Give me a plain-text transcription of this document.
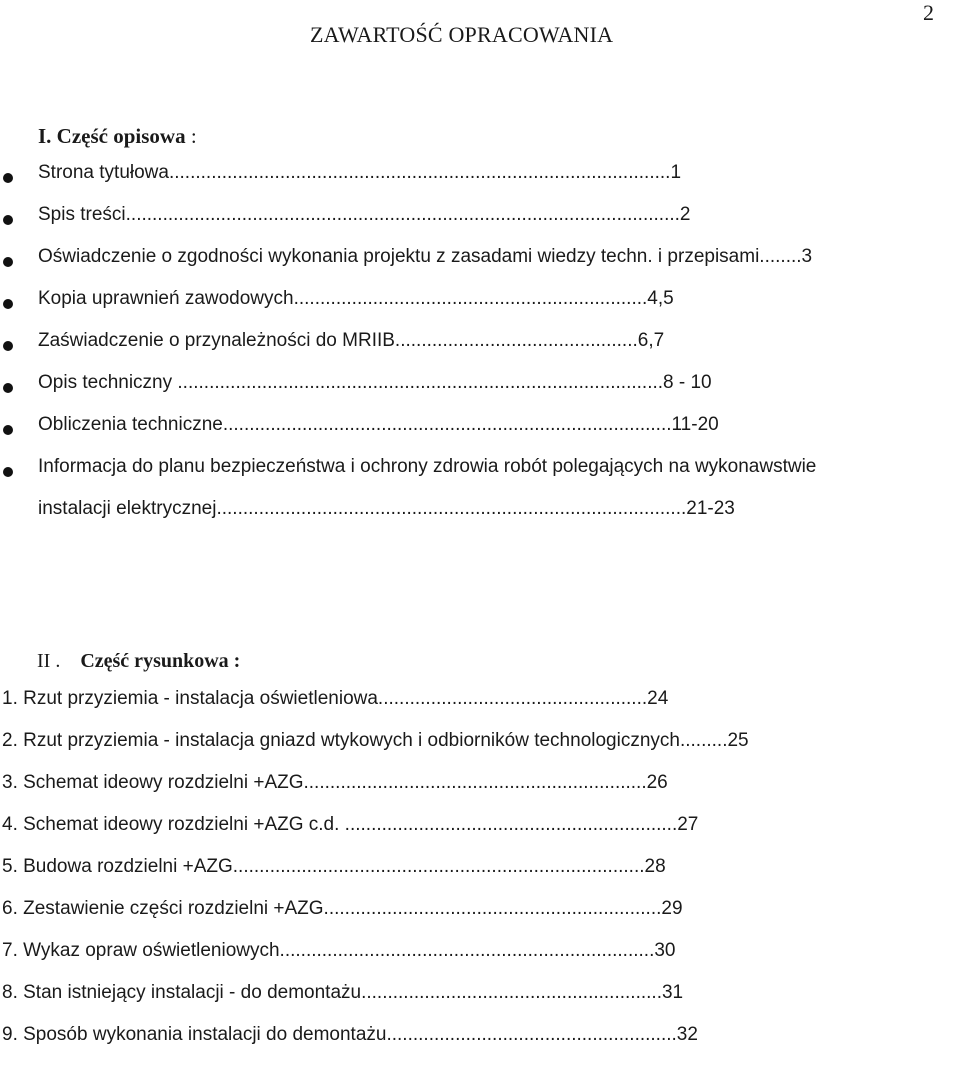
2
ZAWARTOŚĆ OPRACOWANIA
I. Część opisowa :
Strona tytułowa...............................................................................................1
Spis treści.........................................................................................................2
Oświadczenie o zgodności wykonania projektu z zasadami wiedzy techn. i przepisami........3
Kopia uprawnień zawodowych...................................................................4,5
Zaświadczenie o przynależności do MRIIB..............................................6,7
Opis techniczny ............................................................................................8 - 10
Obliczenia techniczne.....................................................................................11-20
Informacja do planu bezpieczeństwa i ochrony zdrowia robót polegających na wykonawstwie
instalacji elektrycznej.........................................................................................21-23
II . Część rysunkowa :
1. Rzut przyziemia - instalacja oświetleniowa...................................................24
2. Rzut przyziemia - instalacja gniazd wtykowych i odbiorników technologicznych.........25
3. Schemat ideowy rozdzielni +AZG.................................................................26
4. Schemat ideowy rozdzielni +AZG c.d. ...............................................................27
5. Budowa rozdzielni +AZG..............................................................................28
6. Zestawienie części rozdzielni +AZG................................................................29
7. Wykaz opraw oświetleniowych.......................................................................30
8. Stan istniejący instalacji - do demontażu.........................................................31
9. Sposób wykonania instalacji do demontażu.......................................................32
